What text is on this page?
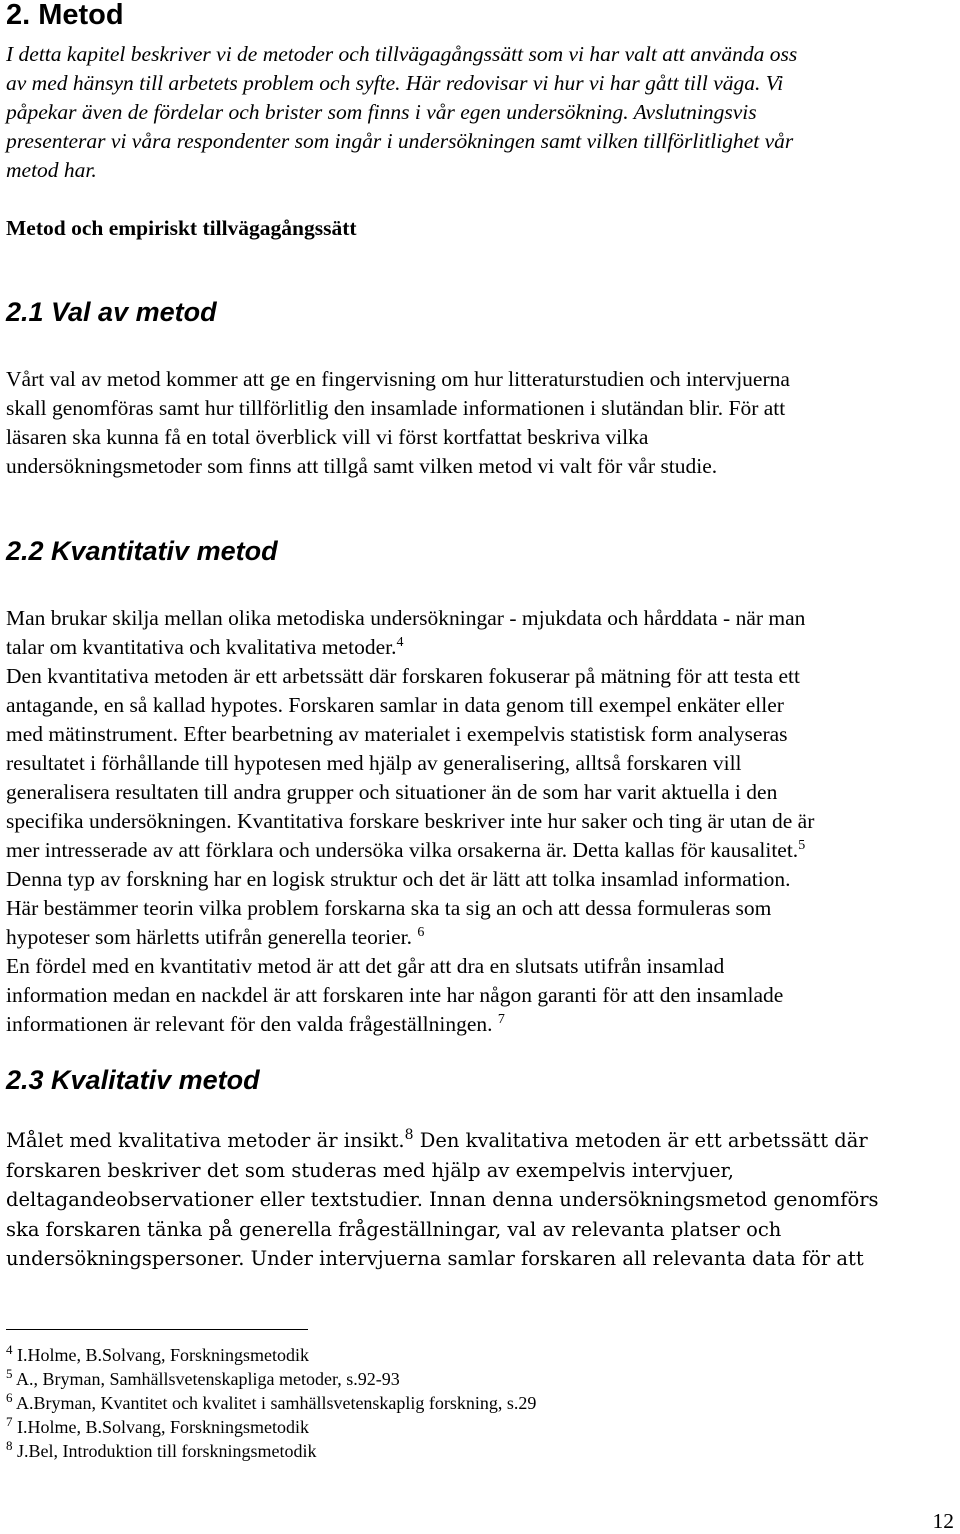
2. Metod
I detta kapitel beskriver vi de metoder och tillvägagångssätt som vi har valt att använda oss
av med hänsyn till arbetets problem och syfte. Här redovisar vi hur vi har gått till väga. Vi
påpekar även de fördelar och brister som finns i vår egen undersökning. Avslutningsvis
presenterar vi våra respondenter som ingår i undersökningen samt vilken tillförlitlighet vår
metod har.
Metod och empiriskt tillvägagångssätt
2.1 Val av metod
Vårt val av metod kommer att ge en fingervisning om hur litteraturstudien och intervjuerna
skall genomföras samt hur tillförlitlig den insamlade informationen i slutändan blir. För att
läsaren ska kunna få en total överblick vill vi först kortfattat beskriva vilka
undersökningsmetoder som finns att tillgå samt vilken metod vi valt för vår studie.
2.2 Kvantitativ metod
Man brukar skilja mellan olika metodiska undersökningar - mjukdata och hårddata - när man
talar om kvantitativa och kvalitativa metoder.$^4$
Den kvantitativa metoden är ett arbetssätt där forskaren fokuserar på mätning för att testa ett
antagande, en så kallad hypotes. Forskaren samlar in data genom till exempel enkäter eller
med mätinstrument. Efter bearbetning av materialet i exempelvis statistisk form analyseras
resultatet i förhållande till hypotesen med hjälp av generalisering, alltså forskaren vill
generalisera resultaten till andra grupper och situationer än de som har varit aktuella i den
specifika undersökningen. Kvantitativa forskare beskriver inte hur saker och ting är utan de är
mer intresserade av att förklara och undersöka vilka orsakerna är. Detta kallas för kausalitet.$^5$
Denna typ av forskning har en logisk struktur och det är lätt att tolka insamlad information.
Här bestämmer teorin vilka problem forskarna ska ta sig an och att dessa formuleras som
hypoteser som härletts utifrån generella teorier. $^6$
En fördel med en kvantitativ metod är att det går att dra en slutsats utifrån insamlad
information medan en nackdel är att forskaren inte har någon garanti för att den insamlade
informationen är relevant för den valda frågeställningen. $^7$
2.3 Kvalitativ metod
Målet med kvalitativa metoder är insikt.$^8$ Den kvalitativa metoden är ett arbetssätt där
forskaren beskriver det som studeras med hjälp av exempelvis intervjuer,
deltagandeobservationer eller textstudier. Innan denna undersökningsmetod genomförs
ska forskaren tänka på generella frågeställningar, val av relevanta platser och
undersökningspersoner. Under intervjuerna samlar forskaren all relevanta data för att

$^4$ I.Holme, B.Solvang, Forskningsmetodik

$^5$ A., Bryman, Samhällsvetenskapliga metoder, s.92-93

$^6$ A.Bryman, Kvantitet och kvalitet i samhällsvetenskaplig forskning, s.29

$^7$ I.Holme, B.Solvang, Forskningsmetodik

$^8$ J.Bel, Introduktion till forskningsmetodik

12
